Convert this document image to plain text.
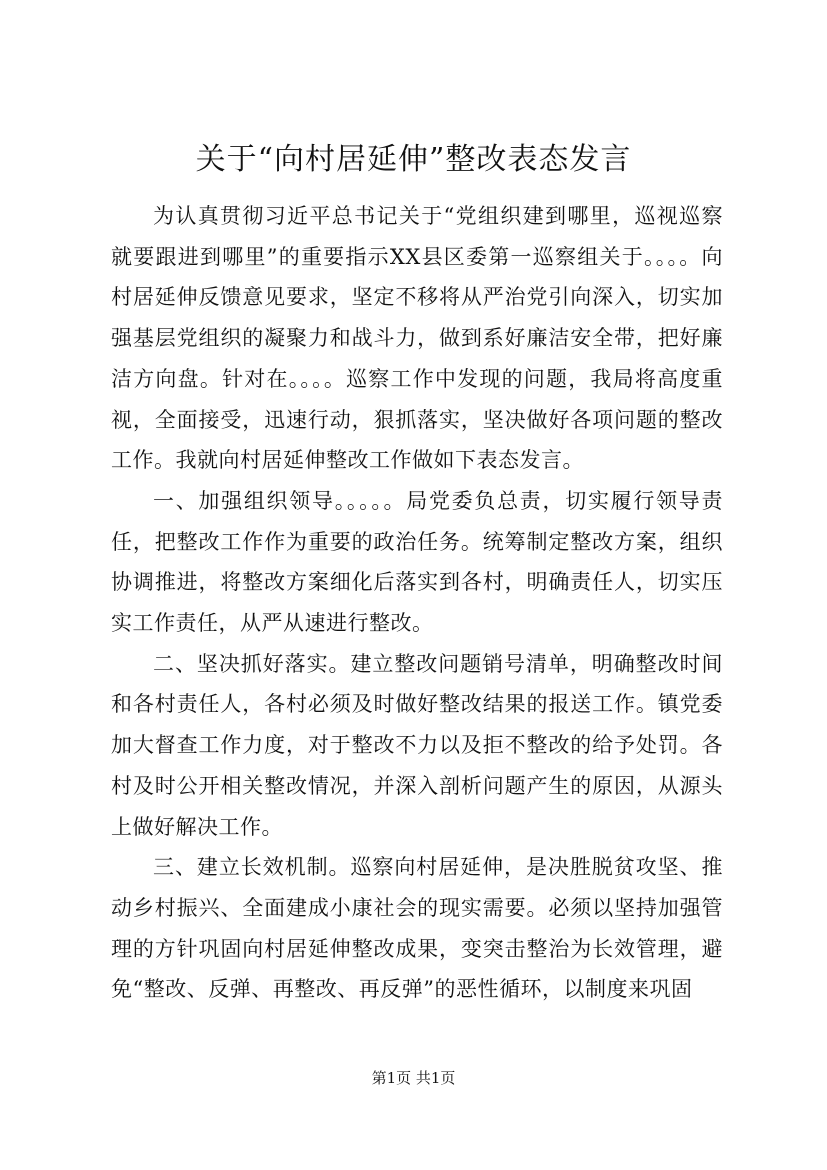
关于“向村居延伸”整改表态发言

为认真贯彻习近平总书记关于“党组织建到哪里，巡视巡察就要跟进到哪里”的重要指示XX县区委第一巡察组关于。。。。向村居延伸反馈意见要求，坚定不移将从严治党引向深入，切实加强基层党组织的凝聚力和战斗力，做到系好廉洁安全带，把好廉洁方向盘。针对在。。。。巡察工作中发现的问题，我局将高度重视，全面接受，迅速行动，狠抓落实，坚决做好各项问题的整改工作。我就向村居延伸整改工作做如下表态发言。

一、加强组织领导。。。。。局党委负总责，切实履行领导责任，把整改工作作为重要的政治任务。统筹制定整改方案，组织协调推进，将整改方案细化后落实到各村，明确责任人，切实压实工作责任，从严从速进行整改。

二、坚决抓好落实。建立整改问题销号清单，明确整改时间和各村责任人，各村必须及时做好整改结果的报送工作。镇党委加大督查工作力度，对于整改不力以及拒不整改的给予处罚。各村及时公开相关整改情况，并深入剖析问题产生的原因，从源头上做好解决工作。

三、建立长效机制。巡察向村居延伸，是决胜脱贫攻坚、推动乡村振兴、全面建成小康社会的现实需要。必须以坚持加强管理的方针巩固向村居延伸整改成果，变突击整治为长效管理，避免“整改、反弹、再整改、再反弹”的恶性循环，以制度来巩固

第1页 共1页
